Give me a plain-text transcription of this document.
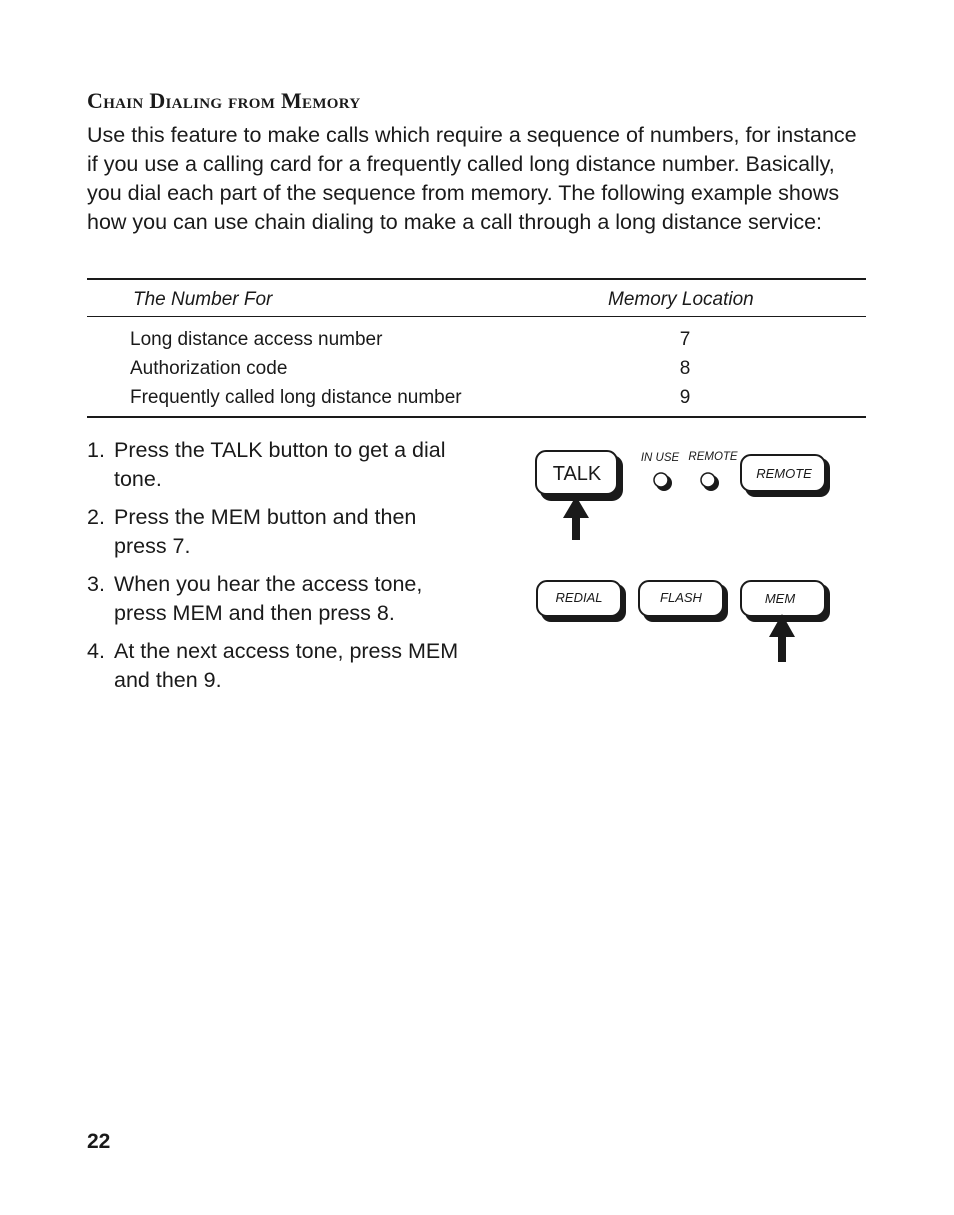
Chain Dialing from Memory

Use this feature to make calls which require a sequence of numbers, for instance if you use a calling card for a frequently called long distance number. Basically, you dial each part of the sequence from memory. The following example shows how you can use chain dialing to make a call through a long distance service:

The Number For	Memory Location
Long distance access number	7
Authorization code	8
Frequently called long distance number	9
1. Press the TALK button to get a dial tone.
2. Press the MEM button and then press 7.
3. When you hear the access tone, press MEM and then press 8.
4. At the next access tone, press MEM and then 9.
TALK
IN USE REMOTE
REMOTE
REDIAL	FLASH	MEM
22
